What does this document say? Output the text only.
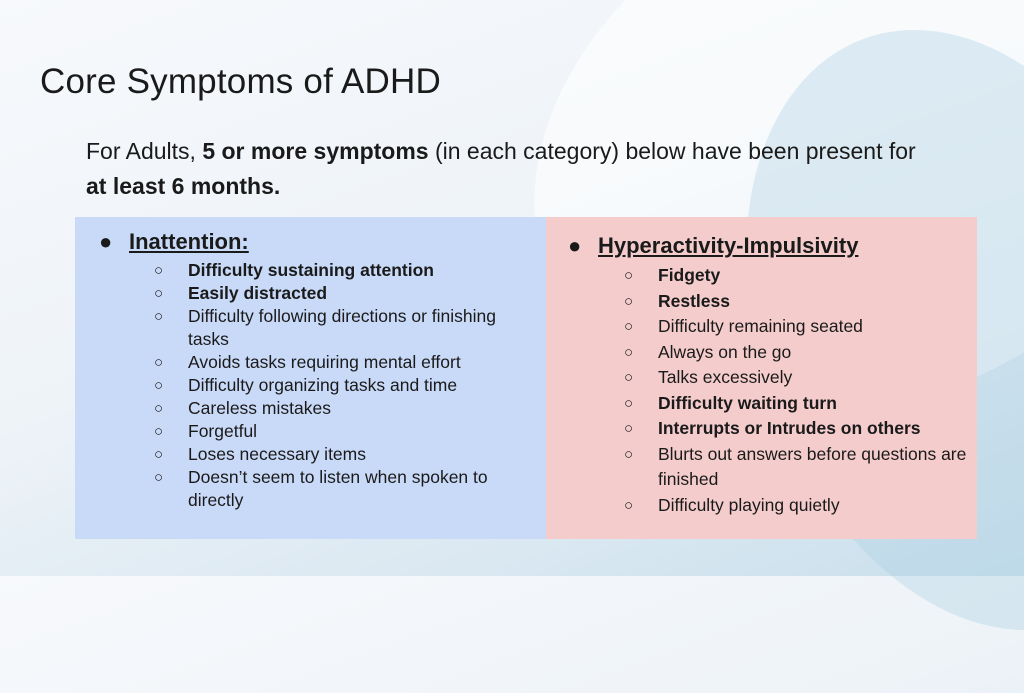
Core Symptoms of ADHD
For Adults, 5 or more symptoms (in each category) below have been present for at least 6 months.
● Inattention:
○ Difficulty sustaining attention
○ Easily distracted
○ Difficulty following directions or finishing tasks
○ Avoids tasks requiring mental effort
○ Difficulty organizing tasks and time
○ Careless mistakes
○ Forgetful
○ Loses necessary items
○ Doesn’t seem to listen when spoken to directly
● Hyperactivity-Impulsivity
○ Fidgety
○ Restless
○ Difficulty remaining seated
○ Always on the go
○ Talks excessively
○ Difficulty waiting turn
○ Interrupts or Intrudes on others
○ Blurts out answers before questions are finished
○ Difficulty playing quietly
